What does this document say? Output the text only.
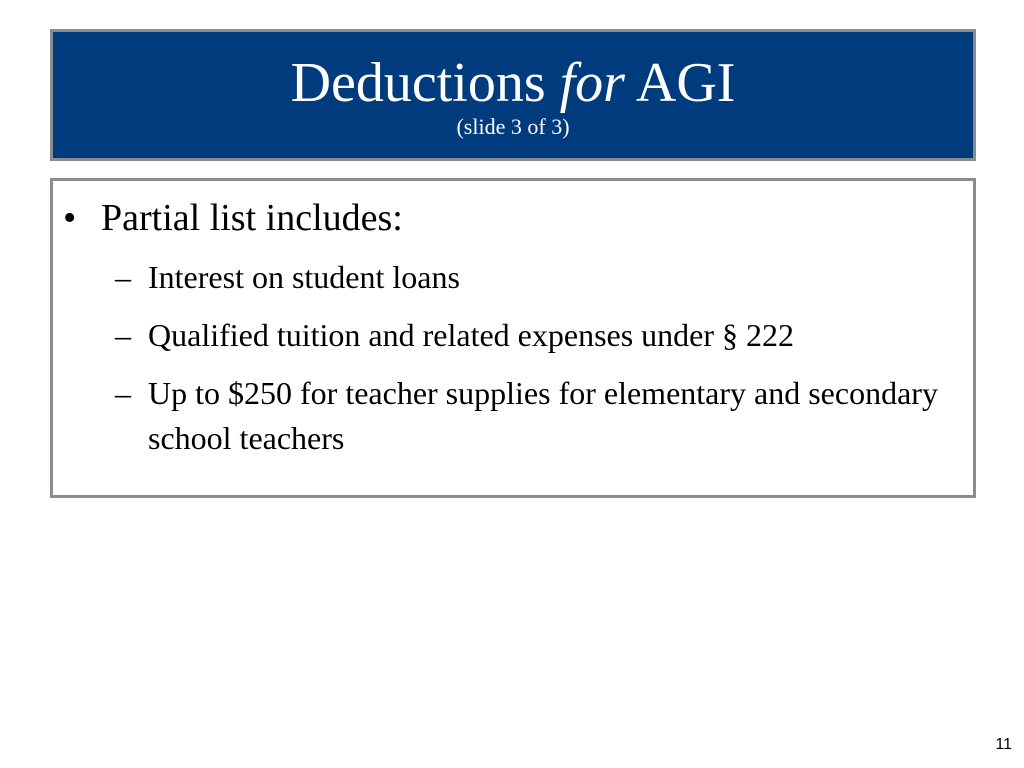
Deductions for AGI
(slide 3 of 3)
• Partial list includes:
– Interest on student loans
– Qualified tuition and related expenses under § 222
– Up to $250 for teacher supplies for elementary and secondary school teachers
11
